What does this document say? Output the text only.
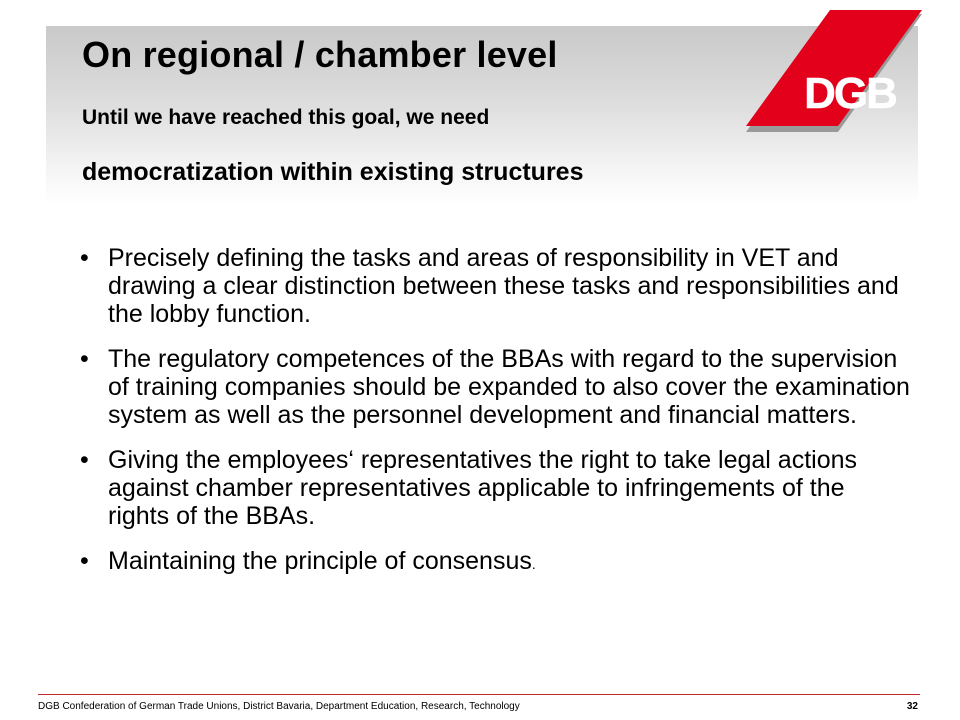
On regional / chamber level

Until we have reached this goal, we need

democratization within existing structures

DGB
• Precisely defining the tasks and areas of responsibility in VET and drawing a clear distinction between these tasks and responsibilities and the lobby function.
• The regulatory competences of the BBAs with regard to the supervision of training companies should be expanded to also cover the examination system as well as the personnel development and financial matters.
• Giving the employees‘ representatives the right to take legal actions against chamber representatives applicable to infringements of the rights of the BBAs.
• Maintaining the principle of consensus.
DGB Confederation of German Trade Unions, District Bavaria, Department Education, Research, Technology	32
